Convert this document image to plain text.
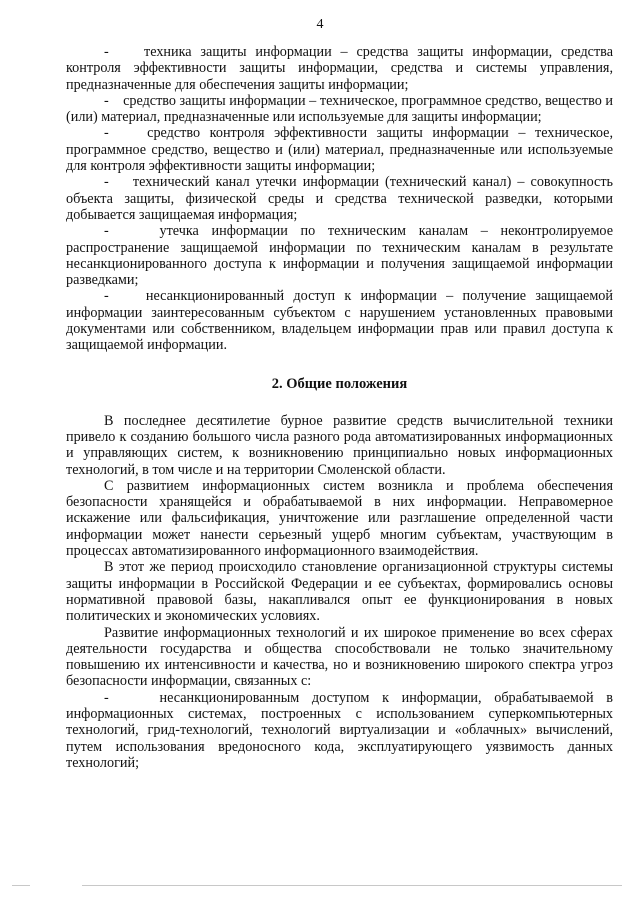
4

-    техника защиты информации – средства защиты информации, средства контроля эффективности защиты информации, средства и системы управления, предназначенные для обеспечения защиты информации;

-    средство защиты информации – техническое, программное средство, вещество и (или) материал, предназначенные или используемые для защиты информации;

-    средство контроля эффективности защиты информации – техническое, программное средство, вещество и (или) материал, предназначенные или используемые для контроля эффективности защиты информации;

-    технический канал утечки информации (технический канал) – совокупность объекта защиты, физической среды и средства технической разведки, которыми добывается защищаемая информация;

-    утечка информации по техническим каналам – неконтролируемое распространение защищаемой информации по техническим каналам в результате несанкционированного доступа к информации и получения защищаемой информации разведками;

-    несанкционированный доступ к информации – получение защищаемой информации заинтересованным субъектом с нарушением установленных правовыми документами или собственником, владельцем информации прав или правил доступа к защищаемой информации.

2. Общие положения

В последнее десятилетие бурное развитие средств вычислительной техники привело к созданию большого числа разного рода автоматизированных информационных и управляющих систем, к возникновению принципиально новых информационных технологий, в том числе и на территории Смоленской области.

С развитием информационных систем возникла и проблема обеспечения безопасности хранящейся и обрабатываемой в них информации. Неправомерное искажение или фальсификация, уничтожение или разглашение определенной части информации может нанести серьезный ущерб многим субъектам, участвующим в процессах автоматизированного информационного взаимодействия.

В этот же период происходило становление организационной структуры системы защиты информации в Российской Федерации и ее субъектах, формировались основы нормативной правовой базы, накапливался опыт ее функционирования в новых политических и экономических условиях.

Развитие информационных технологий и их широкое применение во всех сферах деятельности государства и общества способствовали не только значительному повышению их интенсивности и качества, но и возникновению широкого спектра угроз безопасности информации, связанных с:

-    несанкционированным доступом к информации, обрабатываемой в информационных системах, построенных с использованием суперкомпьютерных технологий, грид-технологий, технологий виртуализации и «облачных» вычислений, путем использования вредоносного кода, эксплуатирующего уязвимость данных технологий;
